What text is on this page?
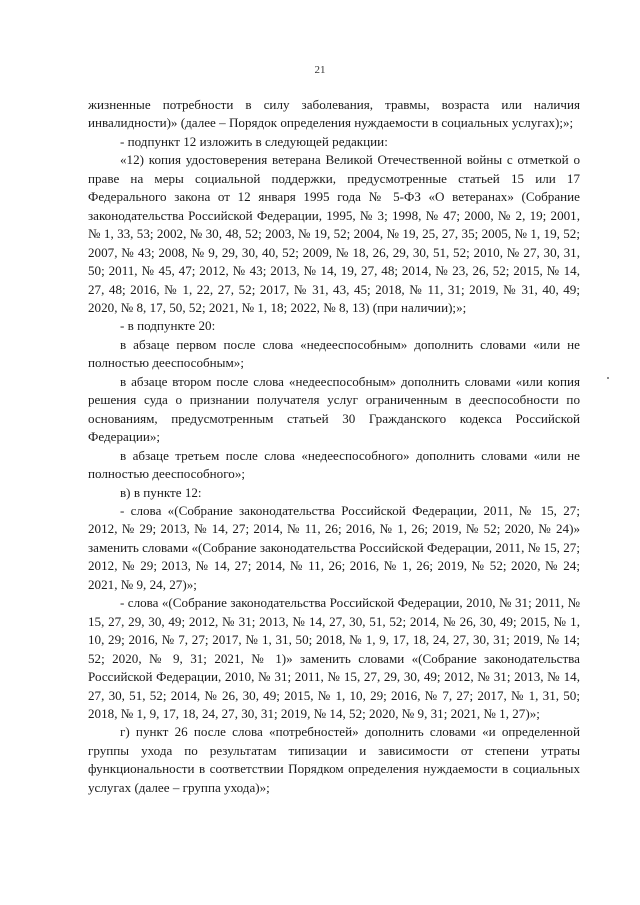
21

жизненные потребности в силу заболевания, травмы, возраста или наличия инвалидности)» (далее – Порядок определения нуждаемости в социальных услугах);»;

- подпункт 12 изложить в следующей редакции:

«12) копия удостоверения ветерана Великой Отечественной войны с отметкой о праве на меры социальной поддержки, предусмотренные статьей 15 или 17 Федерального закона от 12 января 1995 года № 5-ФЗ «О ветеранах» (Собрание законодательства Российской Федерации, 1995, № 3; 1998, № 47; 2000, № 2, 19; 2001, № 1, 33, 53; 2002, № 30, 48, 52; 2003, № 19, 52; 2004, № 19, 25, 27, 35; 2005, № 1, 19, 52; 2007, № 43; 2008, № 9, 29, 30, 40, 52; 2009, № 18, 26, 29, 30, 51, 52; 2010, № 27, 30, 31, 50; 2011, № 45, 47; 2012, № 43; 2013, № 14, 19, 27, 48; 2014, № 23, 26, 52; 2015, № 14, 27, 48; 2016, № 1, 22, 27, 52; 2017, № 31, 43, 45; 2018, № 11, 31; 2019, № 31, 40, 49; 2020, № 8, 17, 50, 52; 2021, № 1, 18; 2022, № 8, 13) (при наличии);»;

- в подпункте 20:

в абзаце первом после слова «недееспособным» дополнить словами «или не полностью дееспособным»;

в абзаце втором после слова «недееспособным» дополнить словами «или копия решения суда о признании получателя услуг ограниченным в дееспособности по основаниям, предусмотренным статьей 30 Гражданского кодекса Российской Федерации»;

в абзаце третьем после слова «недееспособного» дополнить словами «или не полностью дееспособного»;

в) в пункте 12:

- слова «(Собрание законодательства Российской Федерации, 2011, № 15, 27; 2012, № 29; 2013, № 14, 27; 2014, № 11, 26; 2016, № 1, 26; 2019, № 52; 2020, № 24)» заменить словами «(Собрание законодательства Российской Федерации, 2011, № 15, 27; 2012, № 29; 2013, № 14, 27; 2014, № 11, 26; 2016, № 1, 26; 2019, № 52; 2020, № 24; 2021, № 9, 24, 27)»;

- слова «(Собрание законодательства Российской Федерации, 2010, № 31; 2011, № 15, 27, 29, 30, 49; 2012, № 31; 2013, № 14, 27, 30, 51, 52; 2014, № 26, 30, 49; 2015, № 1, 10, 29; 2016, № 7, 27; 2017, № 1, 31, 50; 2018, № 1, 9, 17, 18, 24, 27, 30, 31; 2019, № 14; 52; 2020, № 9, 31; 2021, № 1)» заменить словами «(Собрание законодательства Российской Федерации, 2010, № 31; 2011, № 15, 27, 29, 30, 49; 2012, № 31; 2013, № 14, 27, 30, 51, 52; 2014, № 26, 30, 49; 2015, № 1, 10, 29; 2016, № 7, 27; 2017, № 1, 31, 50; 2018, № 1, 9, 17, 18, 24, 27, 30, 31; 2019, № 14, 52; 2020, № 9, 31; 2021, № 1, 27)»;

г) пункт 26 после слова «потребностей» дополнить словами «и определенной группы ухода по результатам типизации и зависимости от степени утраты функциональности в соответствии Порядком определения нуждаемости в социальных услугах (далее – группа ухода)»;
